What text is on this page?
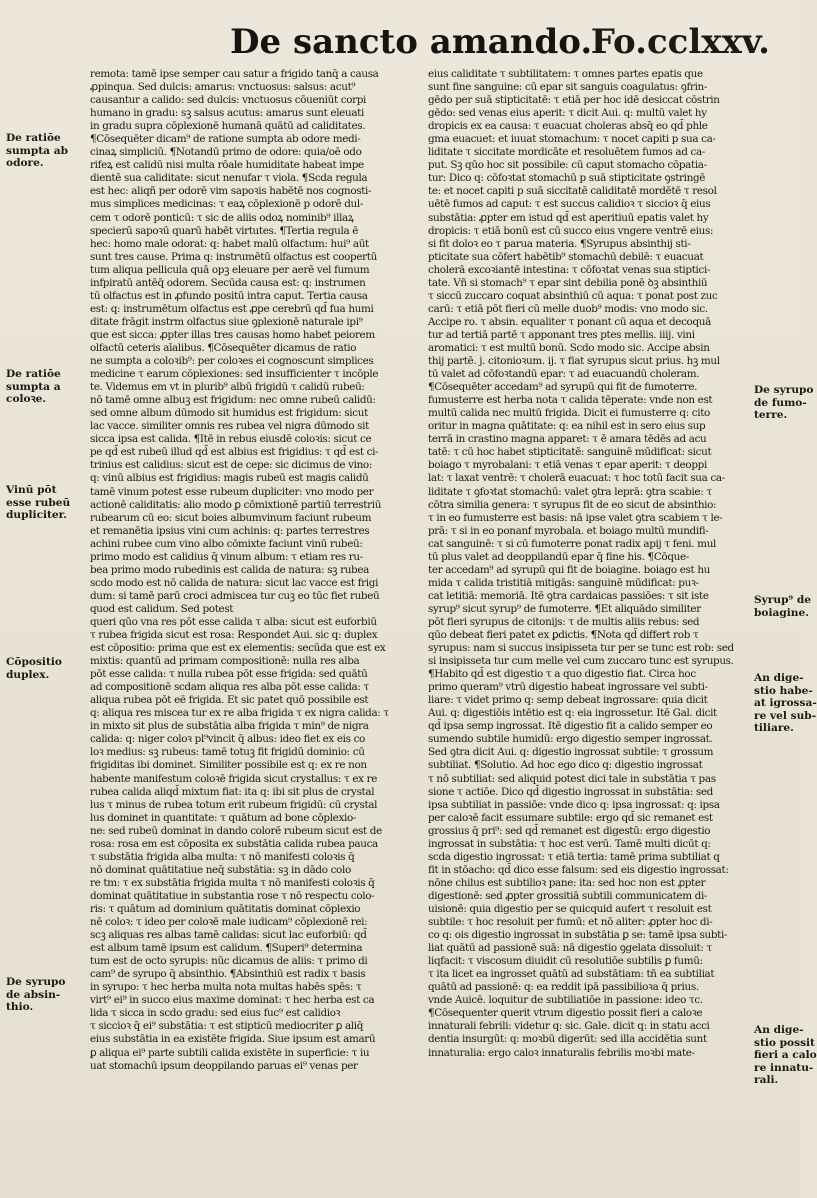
De sancto amando.
Fo.cclxxv.
remota: tamē ipse semper cau satur a frigido tanq̄ a causa
ꝓpinqua. Sed dulcis: amarus: vnctuosus: salsus: acut⁹
causantur a calido: sed dulcis: vnctuosus cōueniūt corpi
humano in gradu: sꝫ salsus acutus: amarus sunt eleuati
in gradu supra cōplexionē humanā quātū ad caliditates.
¶Cōsequēter dicam⁹ de ratione sumpta ab odore medi-
cinaꝝ simpliciū. ¶Notandū primo de odore: quia/oē odo
rifeꝝ est calidū nisi multa rōale humiditate habeat impe
dientē sua caliditate: sicut nenufar τ viola. ¶Scda regula
est hec: aliqñ per odorē vim sapoꝛis habētē nos cognosti-
mus simplices medicinas: τ eaꝝ cōplexionē p odorē dul-
cem τ odorē ponticū: τ sic de aliis odoꝝ nominib⁹ illaꝝ
specierū sapoꝛū quarū habēt virtutes. ¶Tertia regula ē
hec: homo male odorat: q: habet malū olfactum: hui⁹ aūt
sunt tres cause. Prima q: instrumētū olfactus est coopertū
tum aliqua pellicula quā opꝫ eleuare per aerē vel fumum
infpiratū antēq̄ odorem. Secūda causa est: q: instrumen
tū olfactus est in ꝓfundo positū intra caput. Tertia causa
est: q: instrumētum olfactus est ꝓpe cerebrū qd̄ fua humi
ditate frāgit instrm olfactus siue ꝯplexionē naturale ipi⁹
que est sicca: ꝓpter illas tres causas homo habet peiorem
olfactū ceteris aīalibus. ¶Cōsequēter dicamus de ratio
ne sumpta a coloꝛib⁹: per coloꝛes ei cognoscunt simplices
medicine τ earum cōplexiones: sed insufficienter τ incōple
te. Videmus em vt in plurib⁹ albū frigidū τ calidū rubeū:
nō tamē omne albuꝫ est frigidum: nec omne rubeū calidū:
sed omne album dūmodo sit humidus est frigidum: sicut
lac vacce. similiter omnis res rubea vel nigra dūmodo sit
sicca ipsa est calida. ¶Itē in rebus eiusdē coloꝛis: sicut ce
pe qd̄ est rubeū illud qd̄ est albius est frigidius: τ qd̄ est ci-
trinius est calidius: sicut est de cepe: sic dicimus de vino:
q: vinū albius est frigidius: magis rubeū est magis calidū
tamē vinum potest esse rubeum dupliciter: vno modo per
actionē caliditatis: alio modo ꝑ cōmixtionē partiū terrestriū
rubearum cū eo: sicut boies albumvinum faciunt rubeum
et remanētia ipsius vini cum achinis: q: partes terrestres
achini rubee cum vino albo cōmixte faciunt vinū rubeū:
primo modo est calidius q̄ vinum album: τ etiam res ru-
bea primo modo rubedinis est calida de natura: sꝫ rubea
scdo modo est nō calida de natura: sicut lac vacce est frigi
dum: si tamē parū croci admiscea tur cuꝫ eo tūc fiet rubeū
quod est calidum. Sed potest
queri qūo vna res pōt esse calida τ alba: sicut est euforbiū
τ rubea frigida sicut est rosa: Respondet Aui. sic q: duplex
est cōpositio: prima que est ex elementis: secūda que est ex
mixtis: quantū ad primam compositionē: nulla res alba
pōt esse calida: τ nulla rubea pōt esse frigida: sed quātū
ad compositionē scdam aliqua res alba pōt esse calida: τ
aliqua rubea pōt eē frigida. Et sic patet quō possibile est
q: aliqua res miscea tur ex re alba frigida τ ex nigra calida: τ
in mixto sit plus de substātia alba frigida τ min⁹ de nigra
calida: q: niger coloꝛ pl⁹vincit q̄ albus: ideo fiet ex eis co
loꝛ medius: sꝫ rubeus: tamē totuꝫ fit frigidū dominio: cū
frigiditas ibi dominet. Similiter possibile est q: ex re non
habente manifestum coloꝛē frigida sicut crystallus: τ ex re
rubea calida aliqd̄ mixtum fiat: ita q: ibi sit plus de crystal
lus τ minus de rubea totum erit rubeum frigidū: cū crystal
lus dominet in quantitate: τ quātum ad bone cōplexio-
ne: sed rubeū dominat in dando colorē rubeum sicut est de
rosa: rosa em est cōposita ex substātia calida rubea pauca
τ substātia frigida alba multa: τ nō manifesti coloꝛis q̄
nō dominat quātitatiue neq̄ substātia: sꝫ in dādo colo
re tm: τ ex substātia frigida multa τ nō manifesti coloꝛis q̄
dominat quātitatiue in substantia rose τ nō respectu colo-
ris: τ quātum ad dominium quātitatis dominat cōplexio
nē coloꝛ: τ ideo per coloꝛē male iudicam⁹ cōplexionē rei:
scꝫ aliquas res albas tamē calidas: sicut lac euforbiū: qd̄
est album tamē ipsum est calidum. ¶Superi⁹ determina
tum est de octo syrupis: nūc dicamus de aliis: τ primo di
cam⁹ de syrupo q̄ absinthio. ¶Absinthiū est radix τ basis
in syrupo: τ hec herba multa nota multas habēs spēs: τ
virt⁹ ei⁹ in succo eius maxime dominat: τ hec herba est ca
lida τ sicca in scdo gradu: sed eius fuc⁹ est calidioꝛ
τ siccioꝛ q̄ ei⁹ substātia: τ est stipticū mediocriter ꝑ aliq̄
eius substātia in ea existēte frigida. Siue ipsum est amarū
ꝑ aliqua ei⁹ parte subtili calida existēte in superficie: τ iu
uat stomachū ipsum deoppilando paruas ei⁹ venas per
eius caliditate τ subtilitatem: τ omnes partes epatis que
sunt fine sanguine: cū epar sit sanguis coagulatus: ꝯfrin-
gēdo per suā stipticitatē: τ etiā per hoc idē desiccat cōstrin
gēdo: sed venas eius aperit: τ dicit Aui. q: multū valet hy
dropicis ex ea causa: τ euacuat choleras absq̄ eo qd̄ phle
gma euacuet: et iuuat stomachum: τ nocet capiti p sua ca-
liditate τ siccitate mordicāte et resoluētem fumos ad ca-
put. Sꝫ qūo hoc sit possibile: cū caput stomacho cōpatia-
tur: Dico q: cōfoꝛtat stomachū p suā stipticitate ꝯstringē
te: et nocet capiti p suā siccitatē caliditatē mordētē τ resol
uētē fumos ad caput: τ est succus calidioꝛ τ siccioꝛ q̄ eius
substātia: ꝓpter em istud qd̄ est aperitiuū epatis valet hy
dropicis: τ etiā bonū est cū succo eius vngere ventrē eius:
si fit doloꝛ eo τ parua materia. ¶Syrupus absinthij sti-
pticitate sua cōfert habētib⁹ stomachū debilē: τ euacuat
cholerā excoꝛiantē intestina: τ cōfoꝛtat venas sua stiptici-
tate. Vñ si stomach⁹ τ epar sint debilia ponē ꝺꝫ absinthiū
τ siccū zuccaro coquat absinthiū cū aqua: τ ponat post zuc
carū: τ etiā pōt fieri cū melle duob⁹ modis: vno modo sic.
Accipe ro. τ absin. equaliter τ ponant cū aqua et decoquā
tur ad tertiā partē τ apponant tres ptes mellis. iiij. vini
aromatici: τ est multū bonū. Scdo modo sic. Accipe absin
thij partē. j. citonioꝛum. ij. τ fiat syrupus sicut prius. hꝫ mul
tū valet ad cōfoꝛtandū epar: τ ad euacuandū choleram.
¶Cōsequēter accedam⁹ ad syrupū qui fit de fumoterre.
fumusterre est herba nota τ calida tēperate: vnde non est
multū calida nec multū frigida. Dicit ei fumusterre q: cito
oritur in magna quātitate: q: ea nihil est in sero eius sup
terrā in crastino magna apparet: τ ē amara tēdēs ad acu
tatē: τ cū hoc habet stipticitatē: sanguinē mūdificat: sicut
boiago τ myrobalani: τ etiā venas τ epar aperit: τ deoppi
lat: τ laxat ventrē: τ cholerā euacuat: τ hoc totū facit sua ca-
liditate τ ꝯfoꝛtat stomachū: valet ꝯtra leprā: ꝯtra scabie: τ
cōtra similia genera: τ syrupus fit de eo sicut de absinthio:
τ in eo fumusterre est basis: nā ipse valet ꝯtra scabiem τ le-
prā: τ si in eo ponanf myrobala. et boiago multū mundifi-
cat sanguinē: τ si cū fumoterre ponat radix apij τ feni. mul
tū plus valet ad deoppilandū epar q̄ fine his. ¶Cōque-
ter accedam⁹ ad syrupū qui fit de boiagine. boiago est hu
mida τ calida tristitiā mitigās: sanguinē mūdificat: puꝛ-
cat letitiā: memoriā. Itē ꝯtra cardaicas passiōes: τ sit iste
syrup⁹ sicut syrup⁹ de fumoterre. ¶Et aliquādo similiter
pōt fieri syrupus de citonijs: τ de multis aliis rebus: sed
qūo debeat fieri patet ex ꝑdictis. ¶Nota qd̄ differt rob τ
syrupus: nam si succus insipisseta tur per se tunc est rob: sed
si insipisseta tur cum melle vel cum zuccaro tunc est syrupus.
¶Habito qd̄ est digestio τ a quo digestio fiat. Circa hoc
primo queram⁹ vtrū digestio habeat ingrossare vel subti-
liare: τ videt primo q: semp debeat ingrossare: quia dicit
Aui. q: digestiōis intētio est q: eia ingrossetur. Itē Gal. dicit
qd̄ ipsa semp ingrossat. Itē digestio fit a calido semper eo
sumendo subtile humidū: ergo digestio semper ingrossat.
Sed ꝯtra dicit Aui. q: digestio ingrossat subtile: τ grossum
subtiliat. ¶Solutio. Ad hoc ego dico q: digestio ingrossat
τ nō subtiliat: sed aliquid potest dici tale in substātia τ pas
sione τ actiōe. Dico qd̄ digestio ingrossat in substātia: sed
ipsa subtiliat in passiōe: vnde dico q: ipsa ingrossat: q: ipsa
per caloꝛē facit essumare subtile: ergo qd̄ sic remanet est
grossius q̄ pri⁹: sed qd̄ remanet est digestū: ergo digestio
ingrossat in substātia: τ hoc est verū. Tamē multi dicūt q:
scda digestio ingrossat: τ etiā tertia: tamē prima subtiliat q
fit in stōacho: qd̄ dico esse falsum: sed eis digestio ingrossat:
nōne chilus est subtilioꝛ pane: ita: sed hoc non est ꝓpter
digestionē: sed ꝓpter grossitiā subtili communicatem di-
uisionē: quia digestio per se quicquid aufert τ resoluit est
subtile: τ hoc resoluit per fumū: et nō aliter: ꝓpter hoc di-
co q: ois digestio ingrossat in substātia ꝑ se: tamē ipsa subti-
liat quātū ad passionē suā: nā digestio ꝯgelata dissoluit: τ
liqfacit: τ viscosum diuidit cū resolutiōe subtilis ꝑ fumū:
τ ita licet ea ingrosset quātū ad substātiam: tñ ea subtiliat
quātū ad passionē: q: ea reddit ipā passibilioꝛa q̄ prius.
vnde Auicē. loquitur de subtiliatiōe in passione: ideo τc.
¶Cōsequenter querit vtrum digestio possit fieri a caloꝛe
innaturali febrili: videtur q: sic. Gale. dicit q: in statu acci
dentia insurgūt: q: moꝛbū digerūt: sed illa accidētia sunt
innaturalia: ergo caloꝛ innaturalis febrilis moꝛbi mate-
De ratiōe
sumpta ab
odore.
De ratiōe
sumpta a
coloꝛe.
Vinū pōt
esse rubeū
dupliciter.
Cōpositio
duplex.
De syrupo
de absin-
thio.
De syrupo
de fumo-
terre.
Syrup⁹ de
boiagine.
An dige-
stio habe-
at igrossa-
re vel sub-
tiliare.
An dige-
stio possit
fieri a calo
re innatu-
rali.
